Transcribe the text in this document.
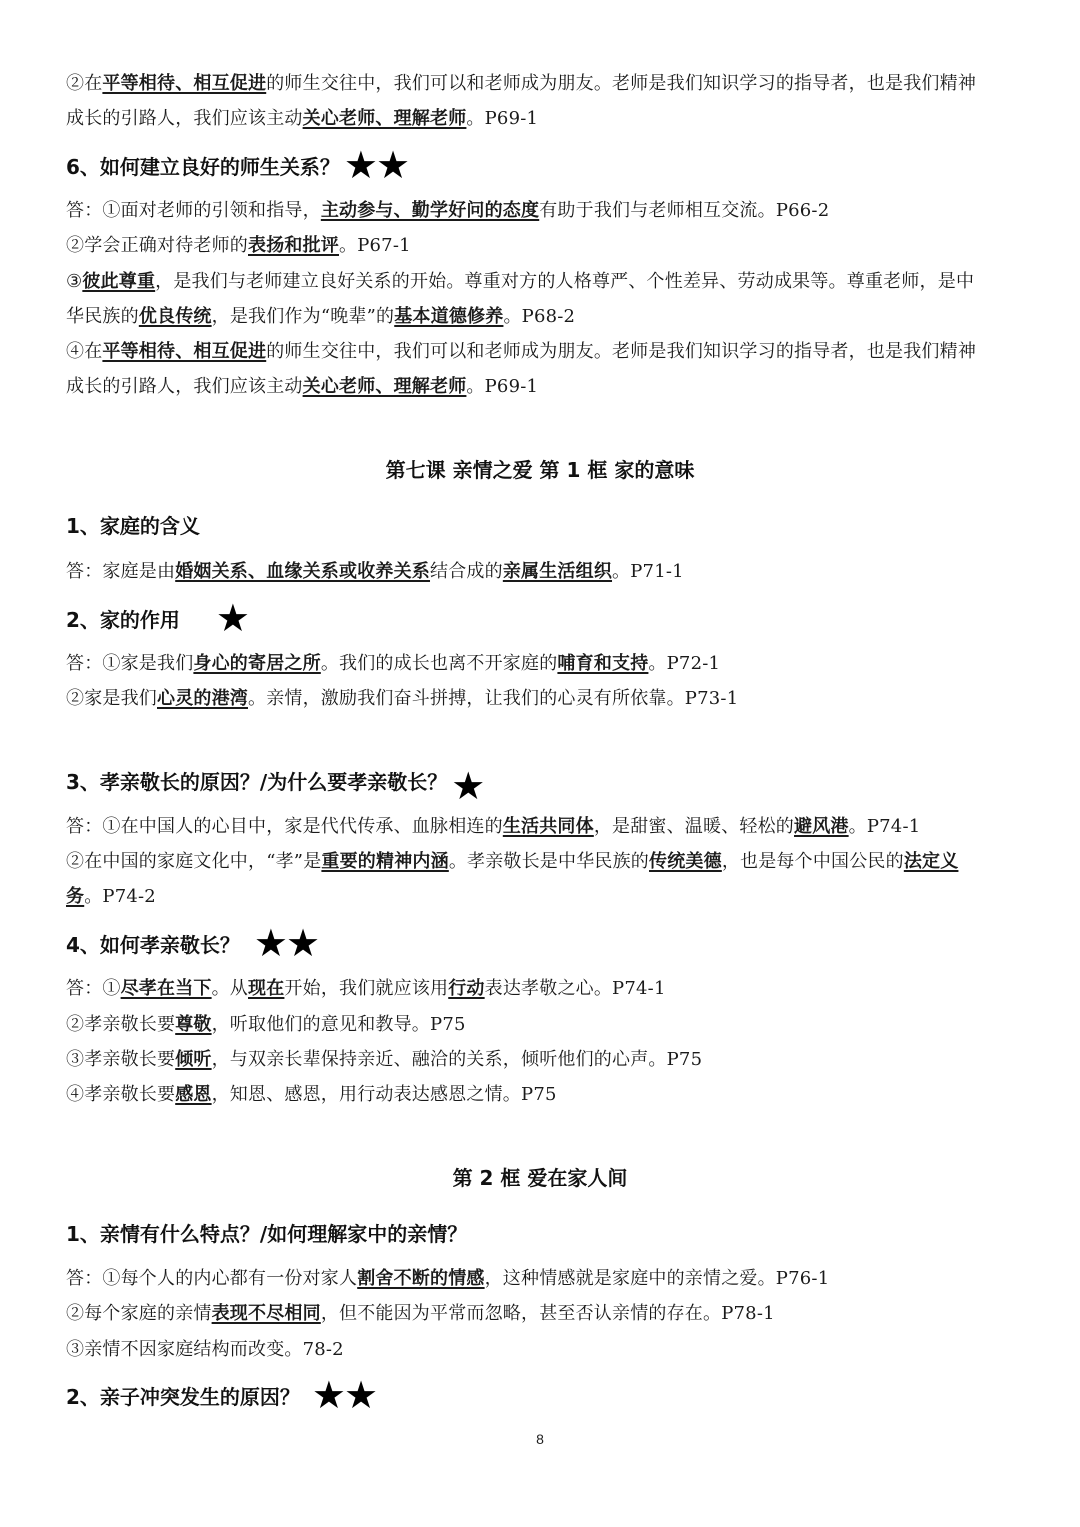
②在平等相待、相互促进的师生交往中，我们可以和老师成为朋友。老师是我们知识学习的指导者，也是我们精神
成长的引路人，我们应该主动关心老师、理解老师。P69-1
6、如何建立良好的师生关系？ ★★
答：①面对老师的引领和指导，主动参与、勤学好问的态度有助于我们与老师相互交流。P66-2
②学会正确对待老师的表扬和批评。P67-1
③彼此尊重，是我们与老师建立良好关系的开始。尊重对方的人格尊严、个性差异、劳动成果等。尊重老师，是中
华民族的优良传统，是我们作为“晚辈”的基本道德修养。P68-2
④在平等相待、相互促进的师生交往中，我们可以和老师成为朋友。老师是我们知识学习的指导者，也是我们精神
成长的引路人，我们应该主动关心老师、理解老师。P69-1
第七课 亲情之爱 第 1 框 家的意味
1、家庭的含义
答：家庭是由婚姻关系、血缘关系或收养关系结合成的亲属生活组织。P71-1
2、家的作用 ★
答：①家是我们身心的寄居之所。我们的成长也离不开家庭的哺育和支持。P72-1
②家是我们心灵的港湾。亲情，激励我们奋斗拼搏，让我们的心灵有所依靠。P73-1
3、孝亲敬长的原因？/为什么要孝亲敬长？ ★
答：①在中国人的心目中，家是代代传承、血脉相连的生活共同体，是甜蜜、温暖、轻松的避风港。P74-1
②在中国的家庭文化中，“孝”是重要的精神内涵。孝亲敬长是中华民族的传统美德，也是每个中国公民的法定义
务。P74-2
4、如何孝亲敬长？ ★★
答：①尽孝在当下。从现在开始，我们就应该用行动表达孝敬之心。P74-1
②孝亲敬长要尊敬，听取他们的意见和教导。P75
③孝亲敬长要倾听，与双亲长辈保持亲近、融洽的关系，倾听他们的心声。P75
④孝亲敬长要感恩，知恩、感恩，用行动表达感恩之情。P75
第 2 框 爱在家人间
1、亲情有什么特点？/如何理解家中的亲情？
答：①每个人的内心都有一份对家人割舍不断的情感，这种情感就是家庭中的亲情之爱。P76-1
②每个家庭的亲情表现不尽相同，但不能因为平常而忽略，甚至否认亲情的存在。P78-1
③亲情不因家庭结构而改变。78-2
2、亲子冲突发生的原因？ ★★
8
